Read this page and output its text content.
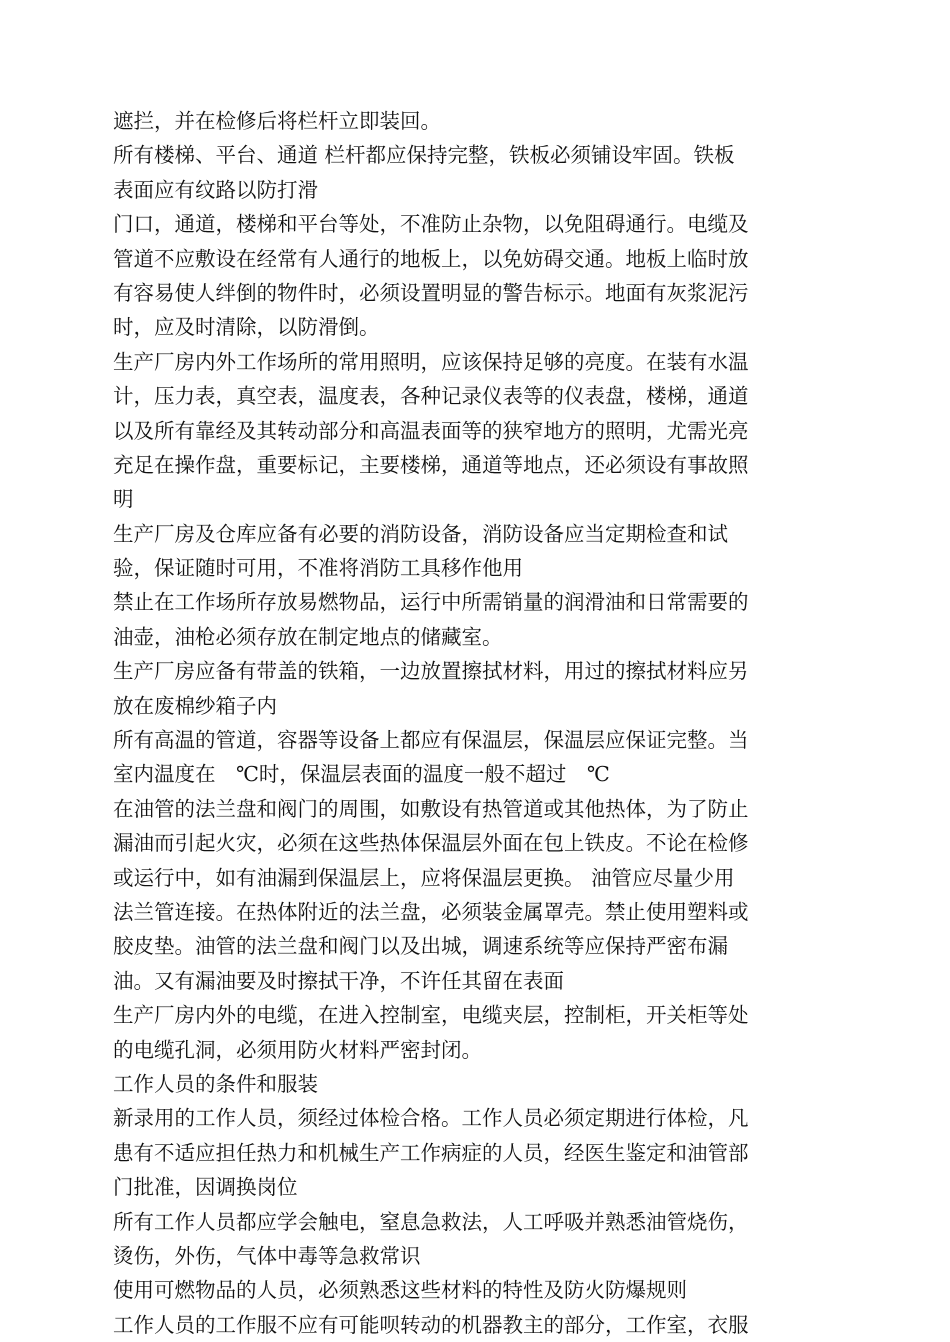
遮拦，并在检修后将栏杆立即装回。
所有楼梯、平台、通道 栏杆都应保持完整，铁板必须铺设牢固。铁板
表面应有纹路以防打滑
门口，通道，楼梯和平台等处，不准防止杂物，以免阻碍通行。电缆及
管道不应敷设在经常有人通行的地板上，以免妨碍交通。地板上临时放
有容易使人绊倒的物件时，必须设置明显的警告标示。地面有灰浆泥污
时，应及时清除，以防滑倒。
生产厂房内外工作场所的常用照明，应该保持足够的亮度。在装有水温
计，压力表，真空表，温度表，各种记录仪表等的仪表盘，楼梯，通道
以及所有靠经及其转动部分和高温表面等的狭窄地方的照明，尤需光亮
充足在操作盘，重要标记，主要楼梯，通道等地点，还必须设有事故照
明
生产厂房及仓库应备有必要的消防设备，消防设备应当定期检查和试
验，保证随时可用，不准将消防工具移作他用
禁止在工作场所存放易燃物品，运行中所需销量的润滑油和日常需要的
油壶，油枪必须存放在制定地点的储藏室。
生产厂房应备有带盖的铁箱，一边放置擦拭材料，用过的擦拭材料应另
放在废棉纱箱子内
所有高温的管道，容器等设备上都应有保温层，保温层应保证完整。当
室内温度在　℃时，保温层表面的温度一般不超过　℃
在油管的法兰盘和阀门的周围，如敷设有热管道或其他热体，为了防止
漏油而引起火灾，必须在这些热体保温层外面在包上铁皮。不论在检修
或运行中，如有油漏到保温层上，应将保温层更换。 油管应尽量少用
法兰管连接。在热体附近的法兰盘，必须装金属罩壳。禁止使用塑料或
胶皮垫。油管的法兰盘和阀门以及出城，调速系统等应保持严密布漏
油。又有漏油要及时擦拭干净，不许任其留在表面
生产厂房内外的电缆，在进入控制室，电缆夹层，控制柜，开关柜等处
的电缆孔洞，必须用防火材料严密封闭。
工作人员的条件和服装
新录用的工作人员，须经过体检合格。工作人员必须定期进行体检，凡
患有不适应担任热力和机械生产工作病症的人员，经医生鉴定和油管部
门批准，因调换岗位
所有工作人员都应学会触电，窒息急救法，人工呼吸并熟悉油管烧伤，
烫伤，外伤，气体中毒等急救常识
使用可燃物品的人员，必须熟悉这些材料的特性及防火防爆规则
工作人员的工作服不应有可能呗转动的机器教主的部分，工作室，衣服
